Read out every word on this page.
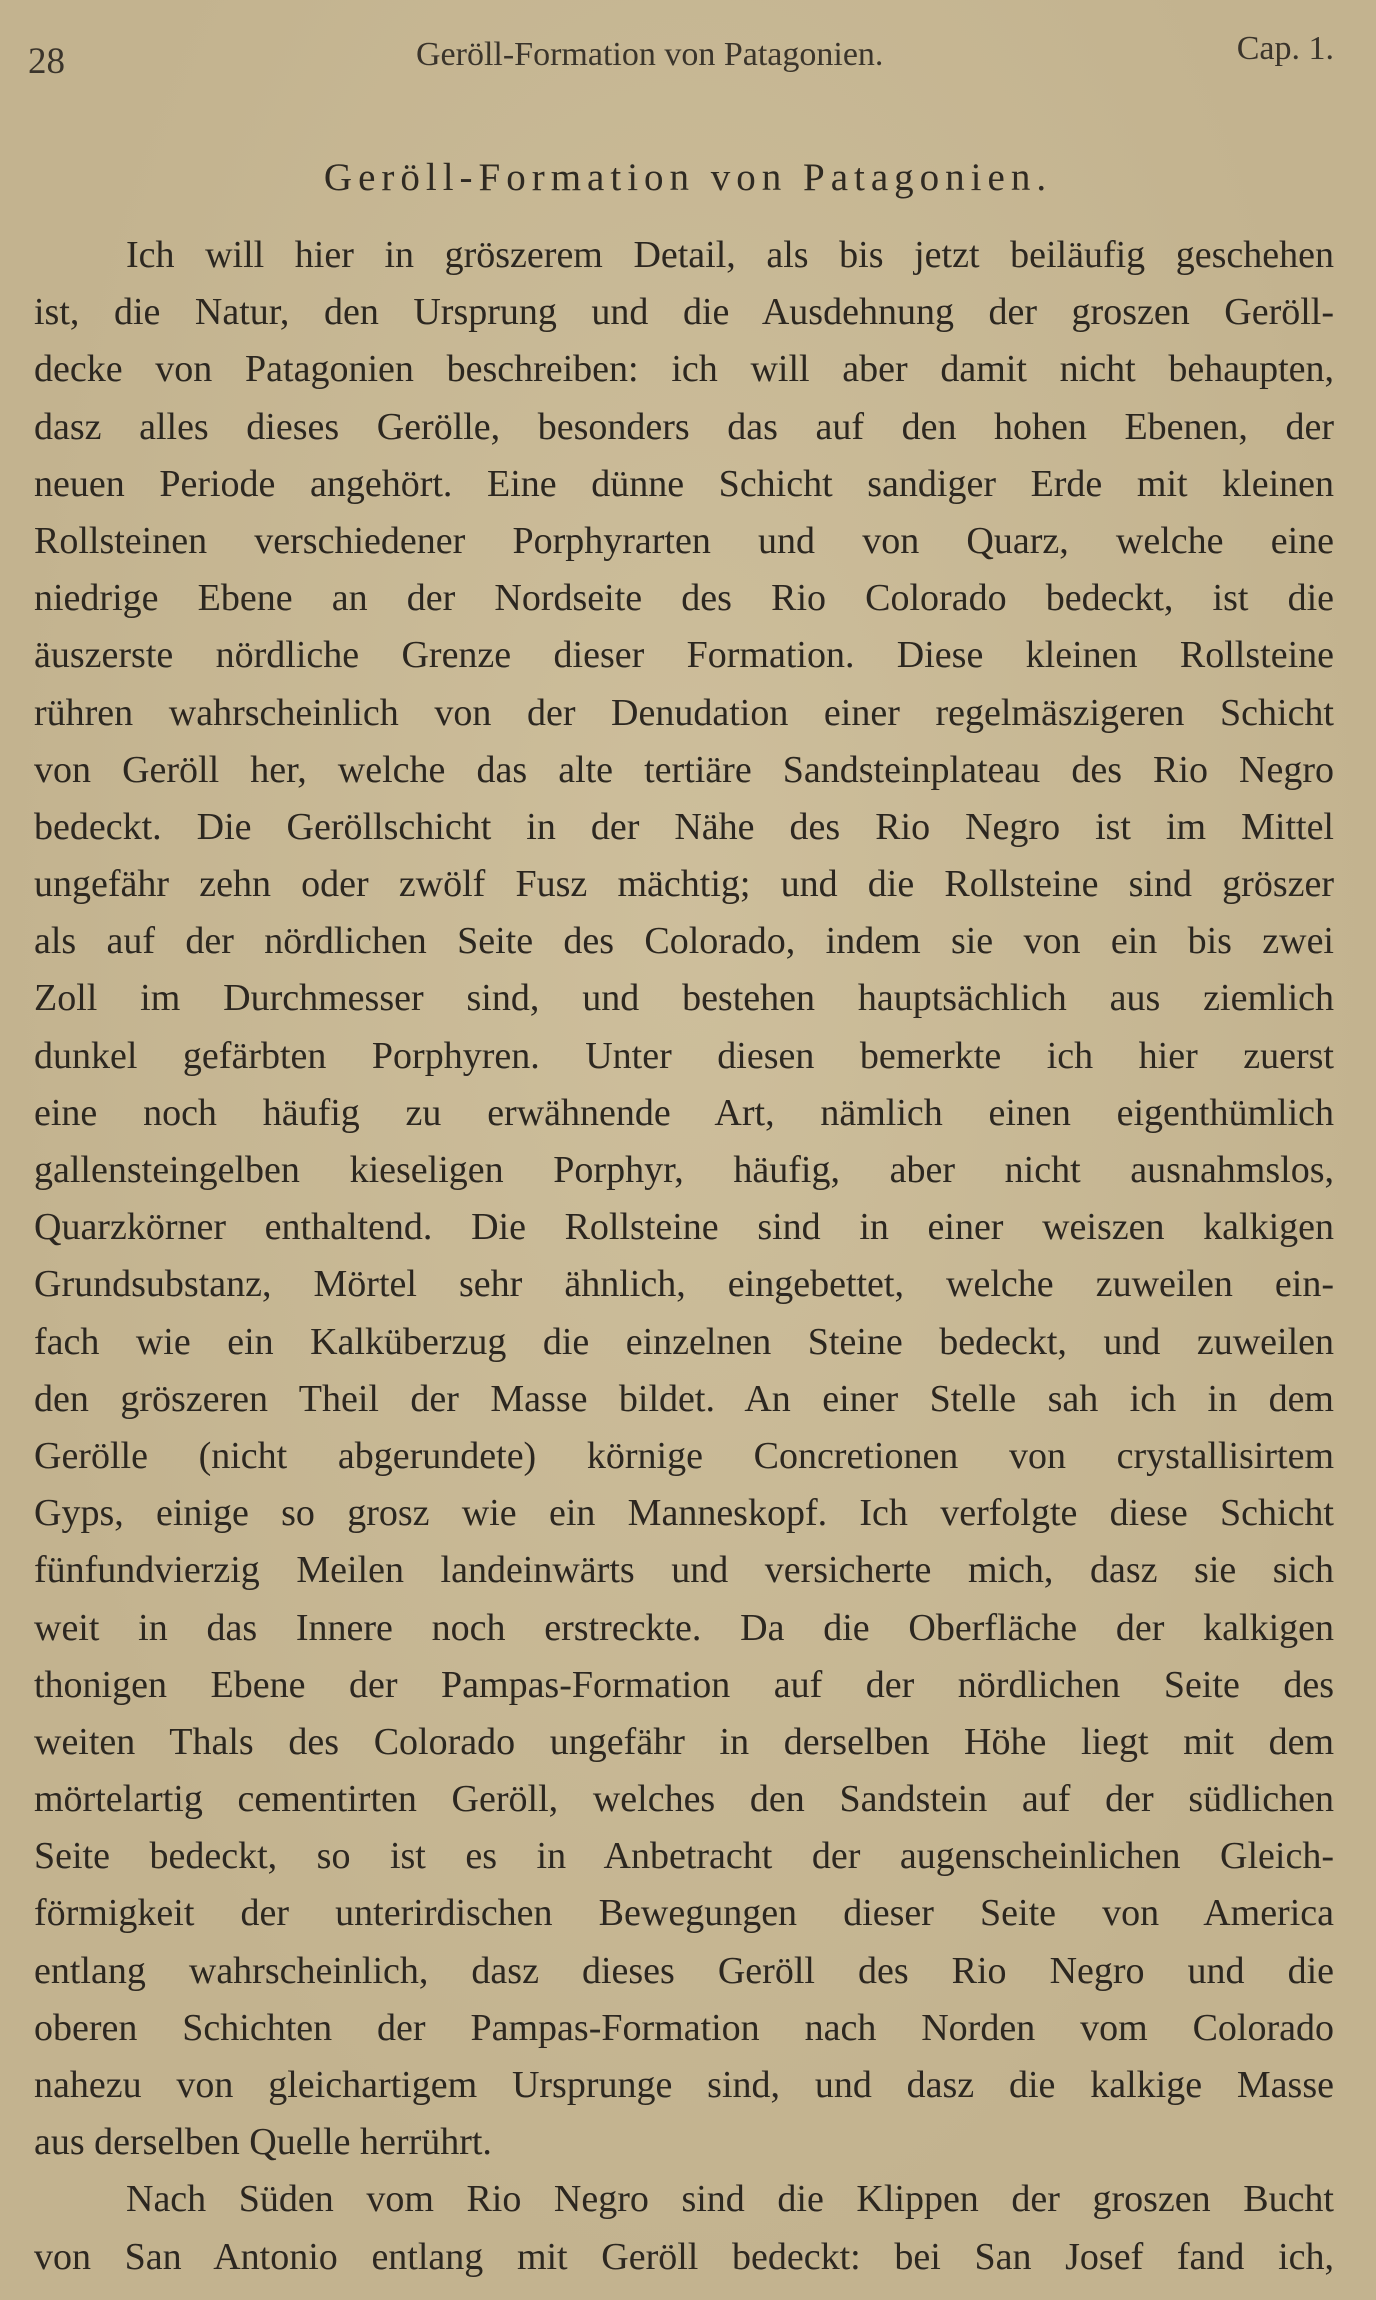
28	Geröll-Formation von Patagonien.	Cap. 1.
Geröll-Formation von Patagonien.
Ich will hier in gröszerem Detail, als bis jetzt beiläufig geschehen
ist, die Natur, den Ursprung und die Ausdehnung der groszen Geröll-
decke von Patagonien beschreiben: ich will aber damit nicht behaupten,
dasz alles dieses Gerölle, besonders das auf den hohen Ebenen, der
neuen Periode angehört. Eine dünne Schicht sandiger Erde mit kleinen
Rollsteinen verschiedener Porphyrarten und von Quarz, welche eine
niedrige Ebene an der Nordseite des Rio Colorado bedeckt, ist die
äuszerste nördliche Grenze dieser Formation. Diese kleinen Rollsteine
rühren wahrscheinlich von der Denudation einer regelmäszigeren Schicht
von Geröll her, welche das alte tertiäre Sandsteinplateau des Rio Negro
bedeckt. Die Geröllschicht in der Nähe des Rio Negro ist im Mittel
ungefähr zehn oder zwölf Fusz mächtig; und die Rollsteine sind gröszer
als auf der nördlichen Seite des Colorado, indem sie von ein bis zwei
Zoll im Durchmesser sind, und bestehen hauptsächlich aus ziemlich
dunkel gefärbten Porphyren. Unter diesen bemerkte ich hier zuerst
eine noch häufig zu erwähnende Art, nämlich einen eigenthümlich
gallensteingelben kieseligen Porphyr, häufig, aber nicht ausnahmslos,
Quarzkörner enthaltend. Die Rollsteine sind in einer weiszen kalkigen
Grundsubstanz, Mörtel sehr ähnlich, eingebettet, welche zuweilen ein-
fach wie ein Kalküberzug die einzelnen Steine bedeckt, und zuweilen
den gröszeren Theil der Masse bildet. An einer Stelle sah ich in dem
Gerölle (nicht abgerundete) körnige Concretionen von crystallisirtem
Gyps, einige so grosz wie ein Manneskopf. Ich verfolgte diese Schicht
fünfundvierzig Meilen landeinwärts und versicherte mich, dasz sie sich
weit in das Innere noch erstreckte. Da die Oberfläche der kalkigen
thonigen Ebene der Pampas-Formation auf der nördlichen Seite des
weiten Thals des Colorado ungefähr in derselben Höhe liegt mit dem
mörtelartig cementirten Geröll, welches den Sandstein auf der südlichen
Seite bedeckt, so ist es in Anbetracht der augenscheinlichen Gleich-
förmigkeit der unterirdischen Bewegungen dieser Seite von America
entlang wahrscheinlich, dasz dieses Geröll des Rio Negro und die
oberen Schichten der Pampas-Formation nach Norden vom Colorado
nahezu von gleichartigem Ursprunge sind, und dasz die kalkige Masse
aus derselben Quelle herrührt.
Nach Süden vom Rio Negro sind die Klippen der groszen Bucht
von San Antonio entlang mit Geröll bedeckt: bei San Josef fand ich,
